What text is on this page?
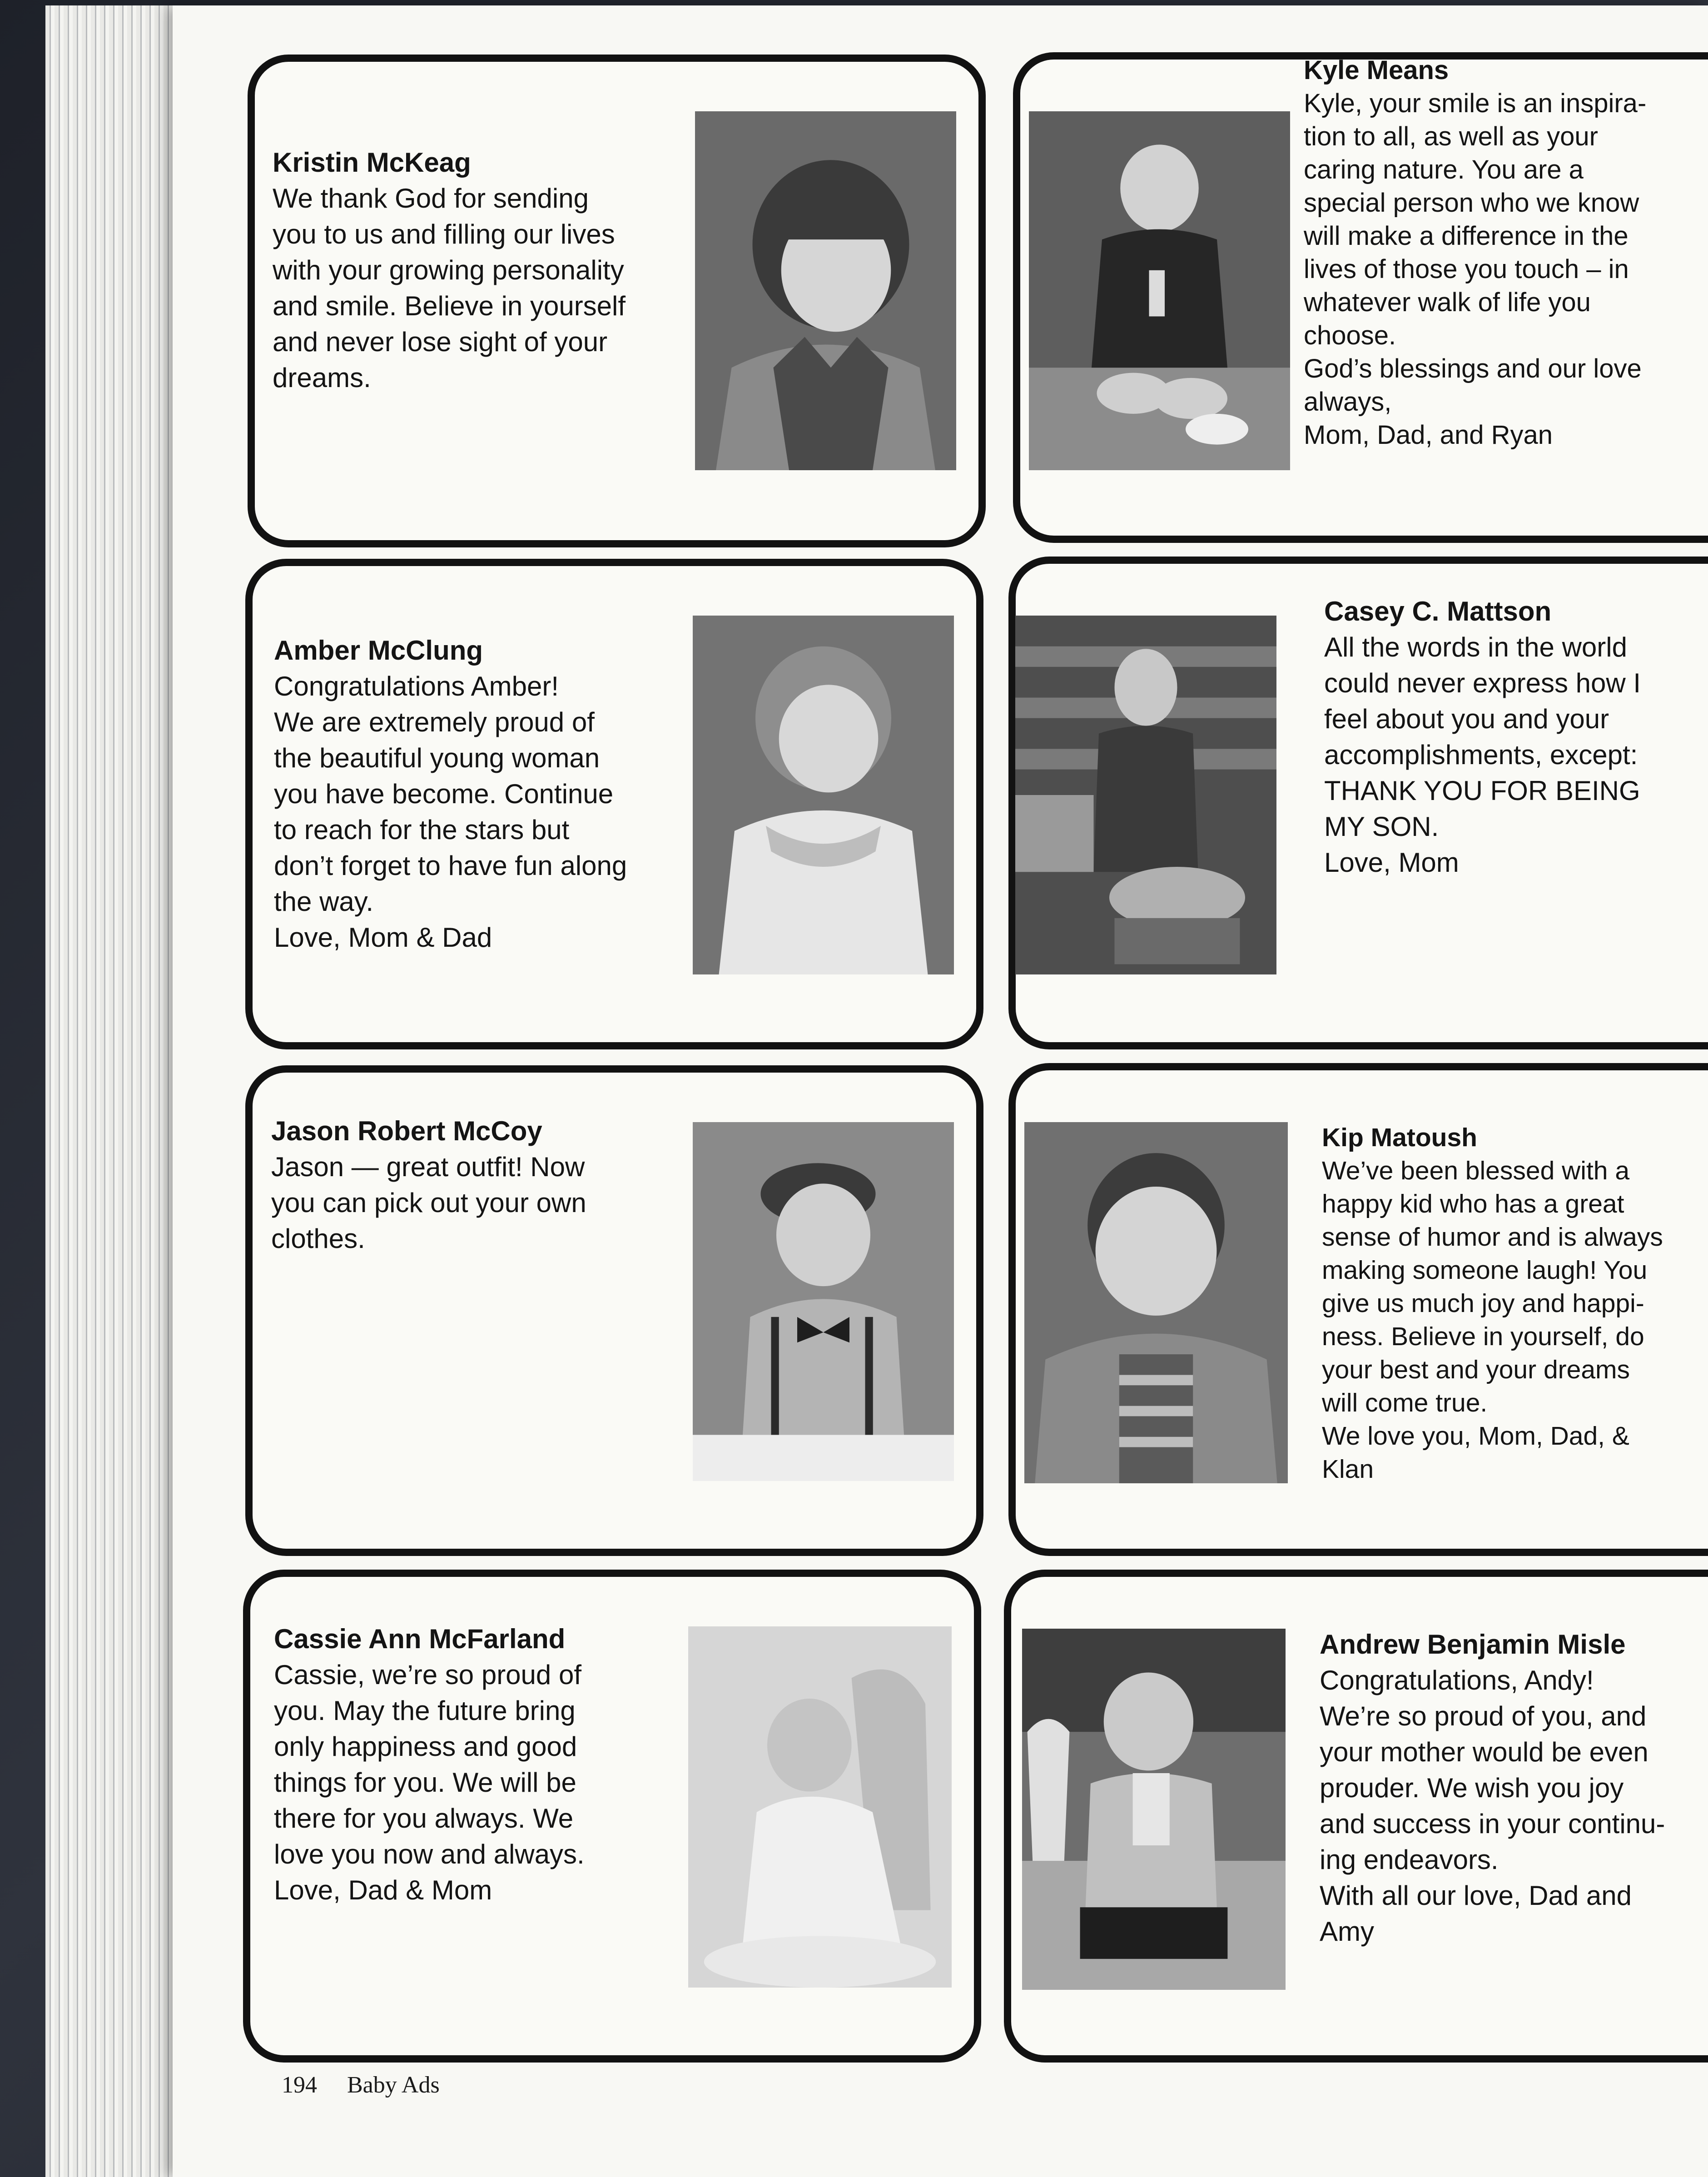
Kristin McKeag
We thank God for sending
you to us and filling our lives
with your growing personality
and smile. Believe in yourself
and never lose sight of your
dreams.
Kyle Means
Kyle, your smile is an inspira-
tion to all, as well as your
caring nature. You are a
special person who we know
will make a difference in the
lives of those you touch – in
whatever walk of life you
choose.
God’s blessings and our love
always,
Mom, Dad, and Ryan
Amber McClung
Congratulations Amber!
We are extremely proud of
the beautiful young woman
you have become. Continue
to reach for the stars but
don’t forget to have fun along
the way.
Love, Mom & Dad
Casey C. Mattson
All the words in the world
could never express how I
feel about you and your
accomplishments, except:
THANK YOU FOR BEING
MY SON.
Love, Mom
Jason Robert McCoy
Jason — great outfit! Now
you can pick out your own
clothes.
Kip Matoush
We’ve been blessed with a
happy kid who has a great
sense of humor and is always
making someone laugh! You
give us much joy and happi-
ness. Believe in yourself, do
your best and your dreams
will come true.
We love you, Mom, Dad, &
Klan
Cassie Ann McFarland
Cassie, we’re so proud of
you. May the future bring
only happiness and good
things for you. We will be
there for you always. We
love you now and always.
Love, Dad & Mom
Andrew Benjamin Misle
Congratulations, Andy!
We’re so proud of you, and
your mother would be even
prouder. We wish you joy
and success in your continu-
ing endeavors.
With all our love, Dad and
Amy
194 Baby Ads
